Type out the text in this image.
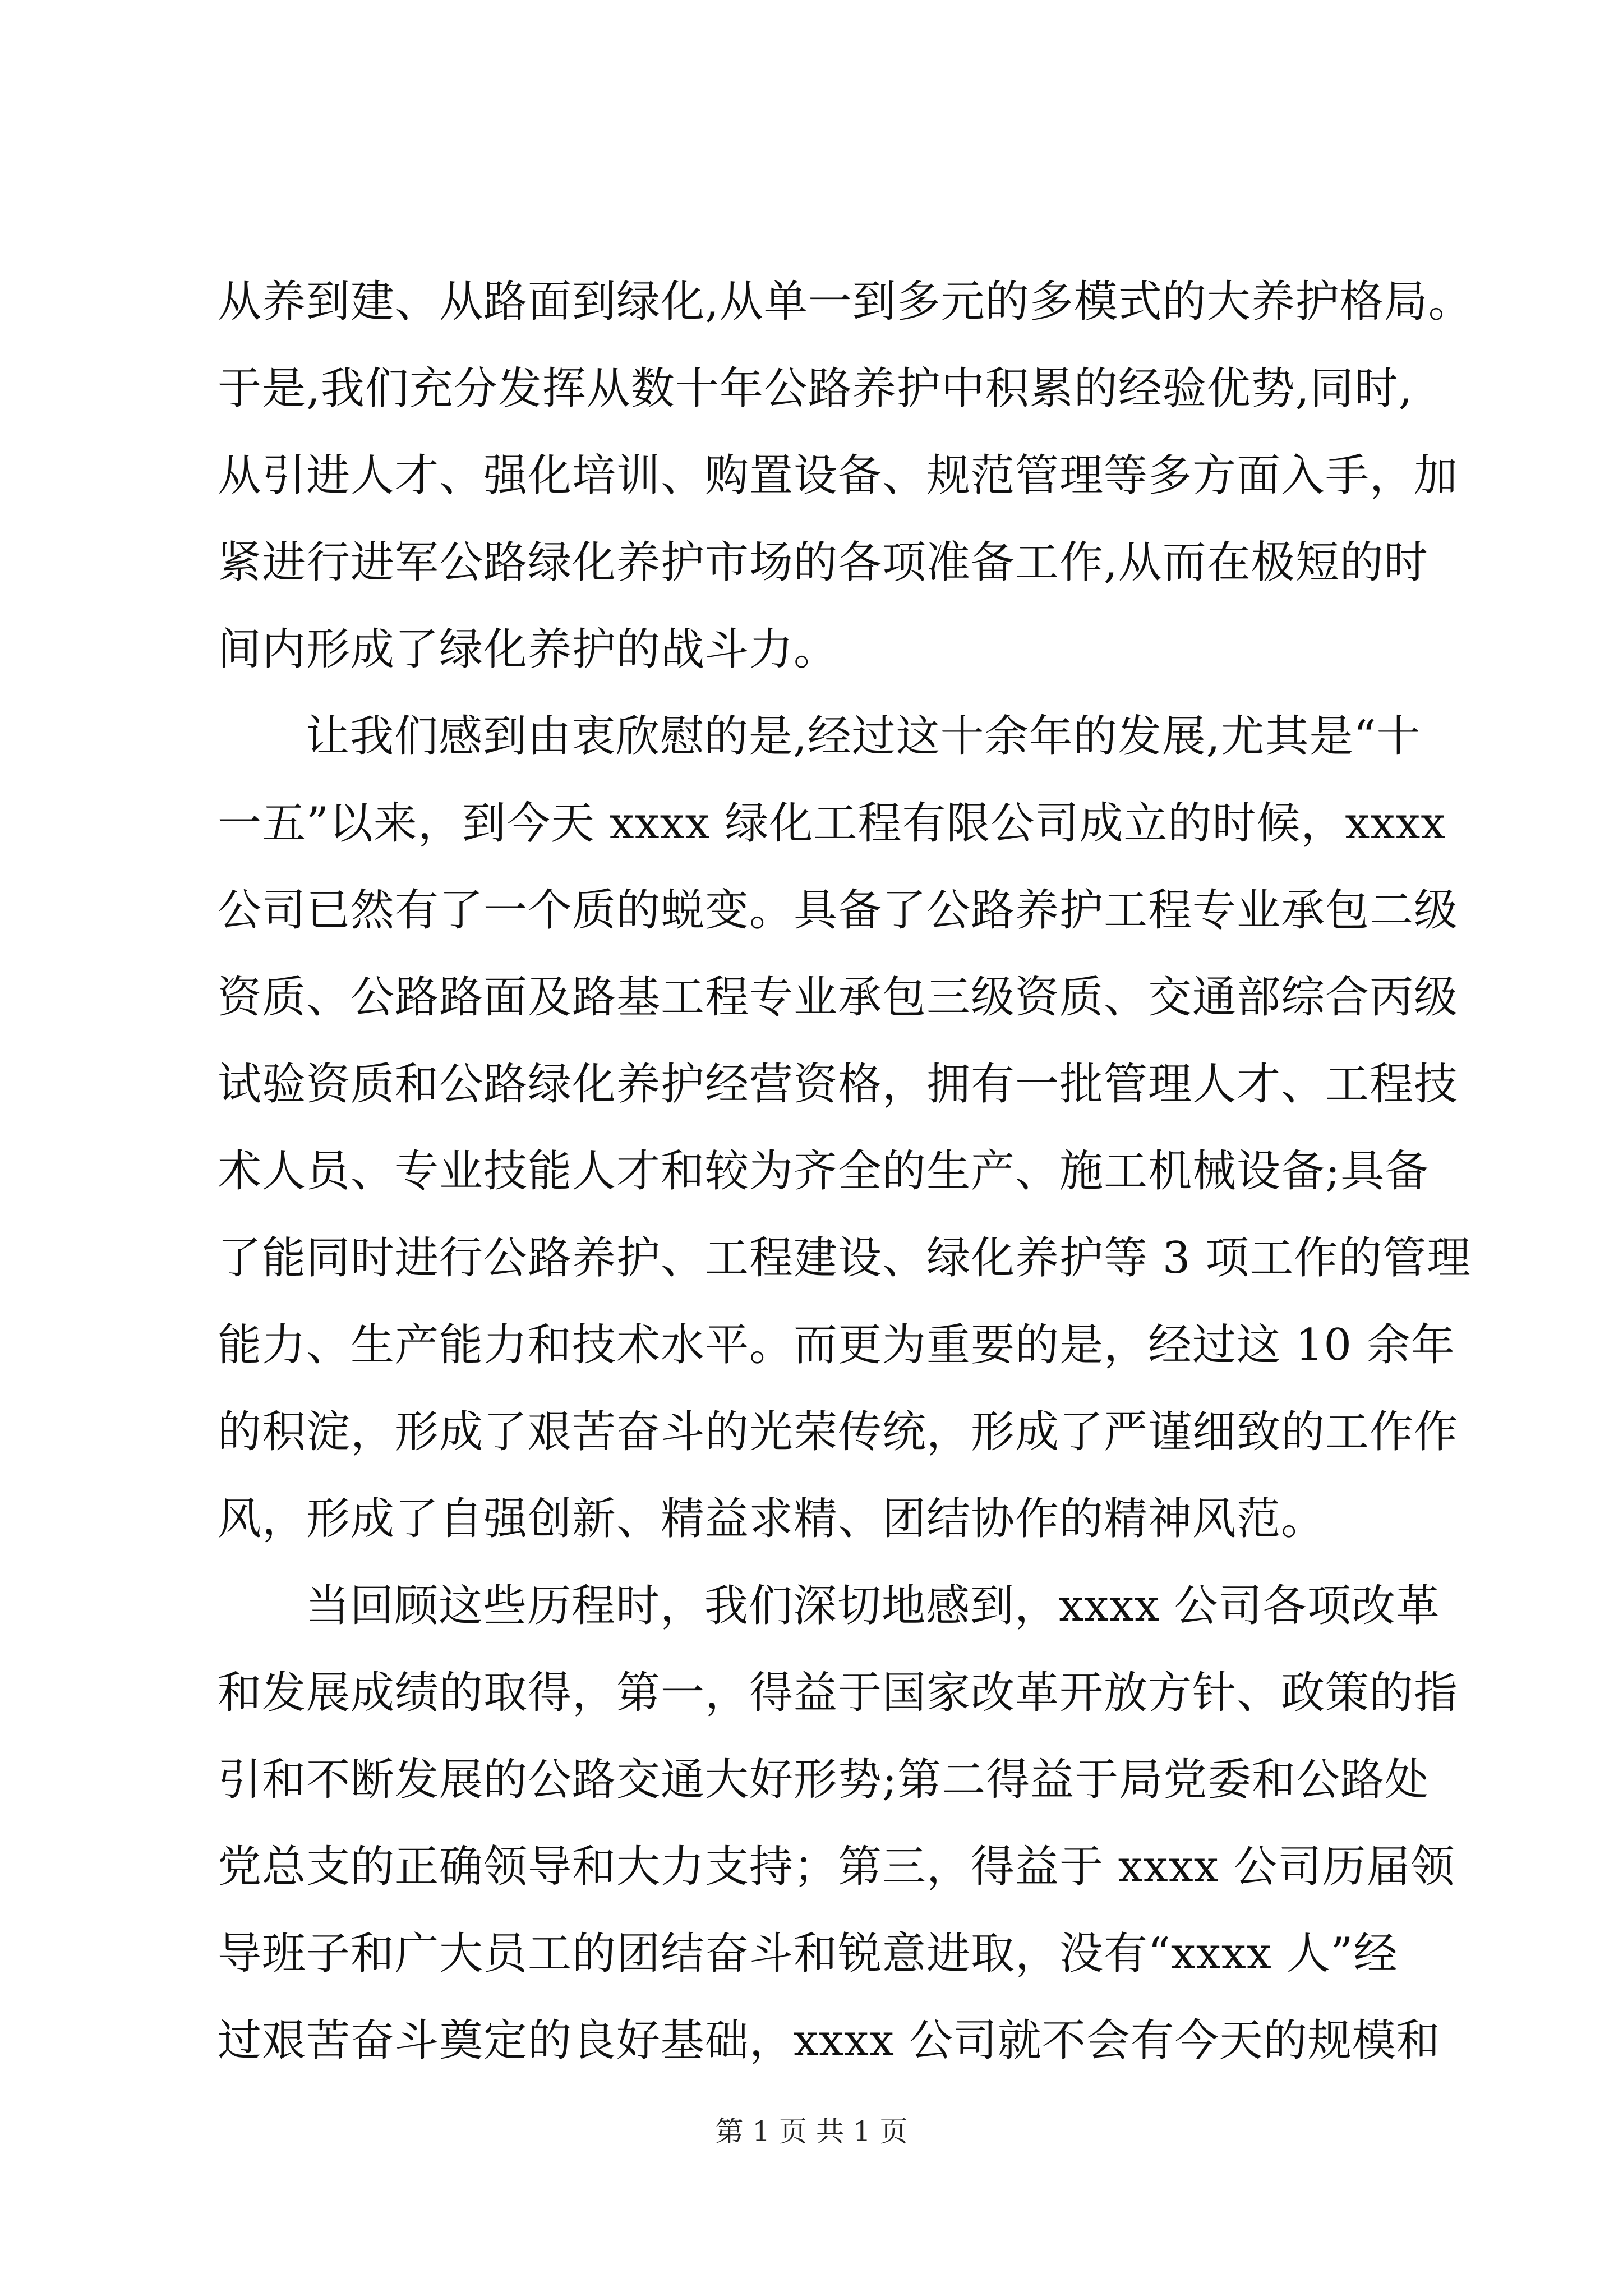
从养到建、从路面到绿化,从单一到多元的多模式的大养护格局。
于是,我们充分发挥从数十年公路养护中积累的经验优势,同时,
从引进人才、强化培训、购置设备、规范管理等多方面入手，加
紧进行进军公路绿化养护市场的各项准备工作,从而在极短的时
间内形成了绿化养护的战斗力。
让我们感到由衷欣慰的是,经过这十余年的发展,尤其是“十
一五”以来，到今天 xxxx 绿化工程有限公司成立的时候，xxxx
公司已然有了一个质的蜕变。具备了公路养护工程专业承包二级
资质、公路路面及路基工程专业承包三级资质、交通部综合丙级
试验资质和公路绿化养护经营资格，拥有一批管理人才、工程技
术人员、专业技能人才和较为齐全的生产、施工机械设备;具备
了能同时进行公路养护、工程建设、绿化养护等 3 项工作的管理
能力、生产能力和技术水平。而更为重要的是，经过这 10 余年
的积淀，形成了艰苦奋斗的光荣传统，形成了严谨细致的工作作
风，形成了自强创新、精益求精、团结协作的精神风范。
当回顾这些历程时，我们深切地感到，xxxx 公司各项改革
和发展成绩的取得，第一，得益于国家改革开放方针、政策的指
引和不断发展的公路交通大好形势;第二得益于局党委和公路处
党总支的正确领导和大力支持；第三，得益于 xxxx 公司历届领
导班子和广大员工的团结奋斗和锐意进取，没有“xxxx 人”经
过艰苦奋斗奠定的良好基础，xxxx 公司就不会有今天的规模和
第 1 页 共 1 页
